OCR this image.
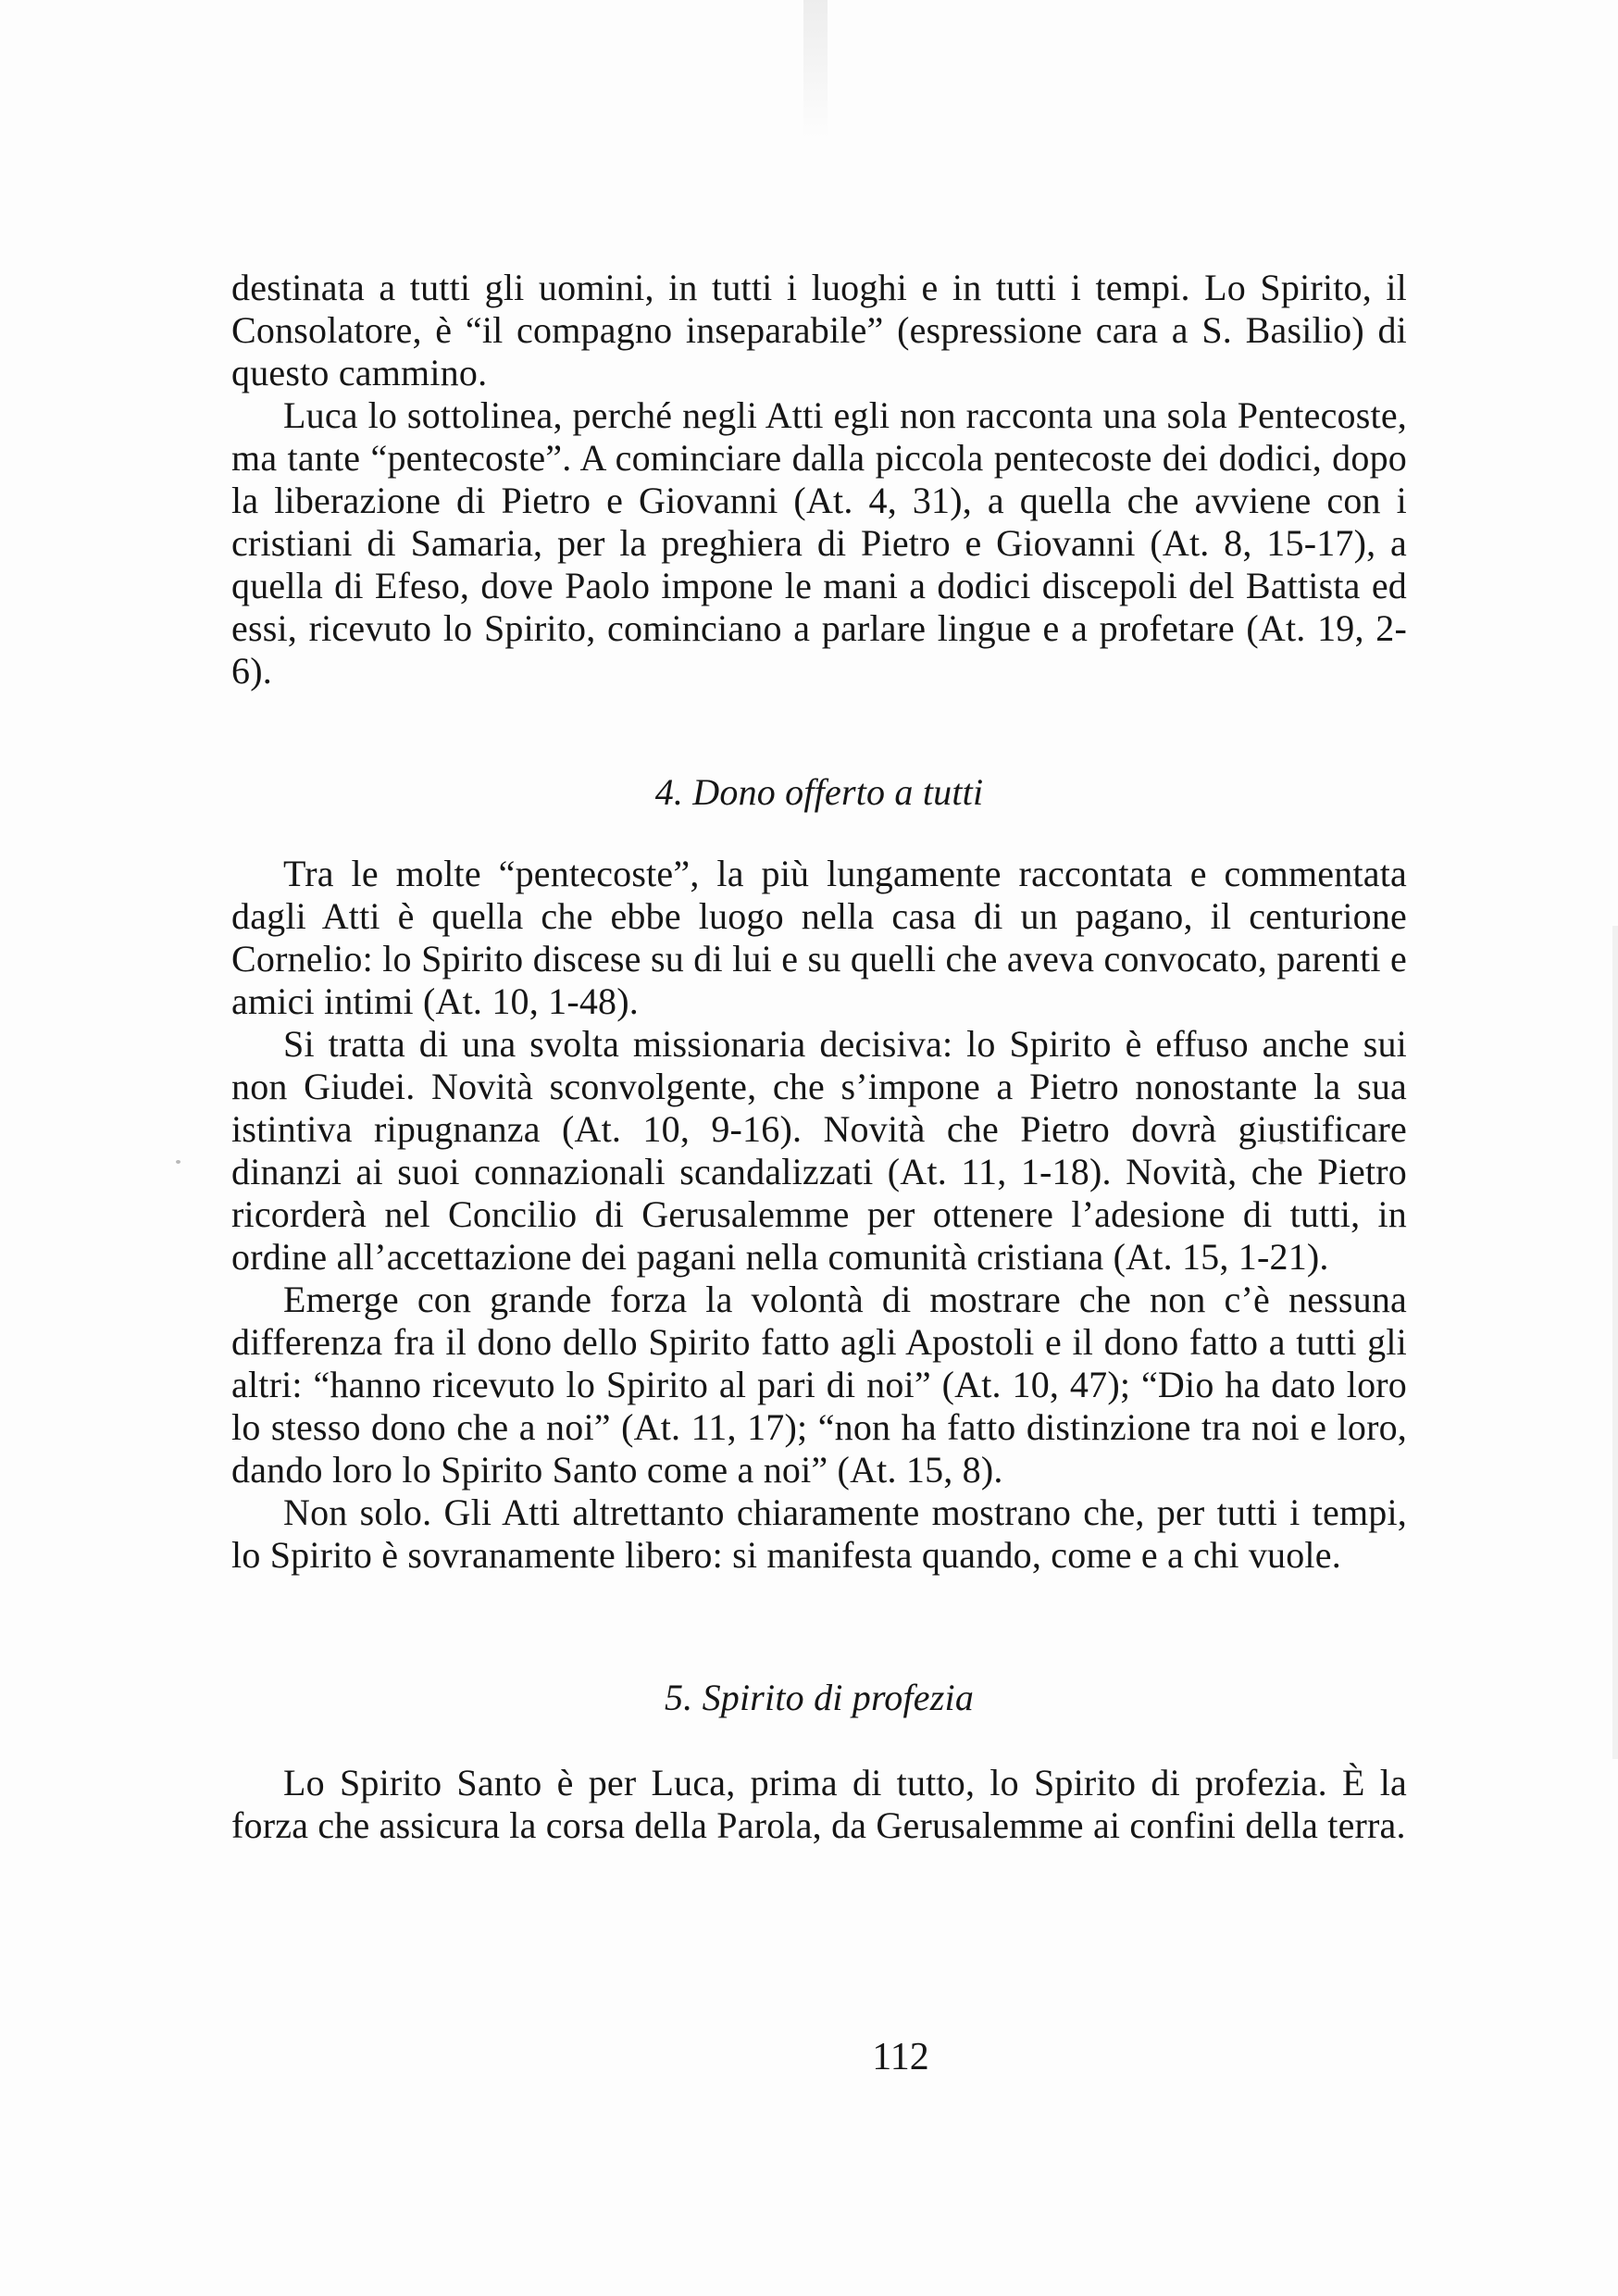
destinata a tutti gli uomini, in tutti i luoghi e in tutti i tempi. Lo Spirito, il Consolatore, è “il compagno inseparabile” (espressione cara a S. Basilio) di questo cammino.

Luca lo sottolinea, perché negli Atti egli non racconta una sola Pentecoste, ma tante “pentecoste”. A cominciare dalla piccola pentecoste dei dodici, dopo la liberazione di Pietro e Giovanni (At. 4, 31), a quella che avviene con i cristiani di Samaria, per la preghiera di Pietro e Giovanni (At. 8, 15-17), a quella di Efeso, dove Paolo impone le mani a dodici discepoli del Battista ed essi, ricevuto lo Spirito, cominciano a parlare lingue e a profetare (At. 19, 2-6).

4. Dono offerto a tutti

Tra le molte “pentecoste”, la più lungamente raccontata e commentata dagli Atti è quella che ebbe luogo nella casa di un pagano, il centurione Cornelio: lo Spirito discese su di lui e su quelli che aveva convocato, parenti e amici intimi (At. 10, 1-48).

Si tratta di una svolta missionaria decisiva: lo Spirito è effuso anche sui non Giudei. Novità sconvolgente, che s’impone a Pietro nonostante la sua istintiva ripugnanza (At. 10, 9-16). Novità che Pietro dovrà giustificare dinanzi ai suoi connazionali scandalizzati (At. 11, 1-18). Novità, che Pietro ricorderà nel Concilio di Gerusalemme per ottenere l’adesione di tutti, in ordine all’accettazione dei pagani nella comunità cristiana (At. 15, 1-21).

Emerge con grande forza la volontà di mostrare che non c’è nessuna differenza fra il dono dello Spirito fatto agli Apostoli e il dono fatto a tutti gli altri: “hanno ricevuto lo Spirito al pari di noi” (At. 10, 47); “Dio ha dato loro lo stesso dono che a noi” (At. 11, 17); “non ha fatto distinzione tra noi e loro, dando loro lo Spirito Santo come a noi” (At. 15, 8).

Non solo. Gli Atti altrettanto chiaramente mostrano che, per tutti i tempi, lo Spirito è sovranamente libero: si manifesta quando, come e a chi vuole.

5. Spirito di profezia

Lo Spirito Santo è per Luca, prima di tutto, lo Spirito di profezia. È la forza che assicura la corsa della Parola, da Gerusalemme ai confini della terra.

112
